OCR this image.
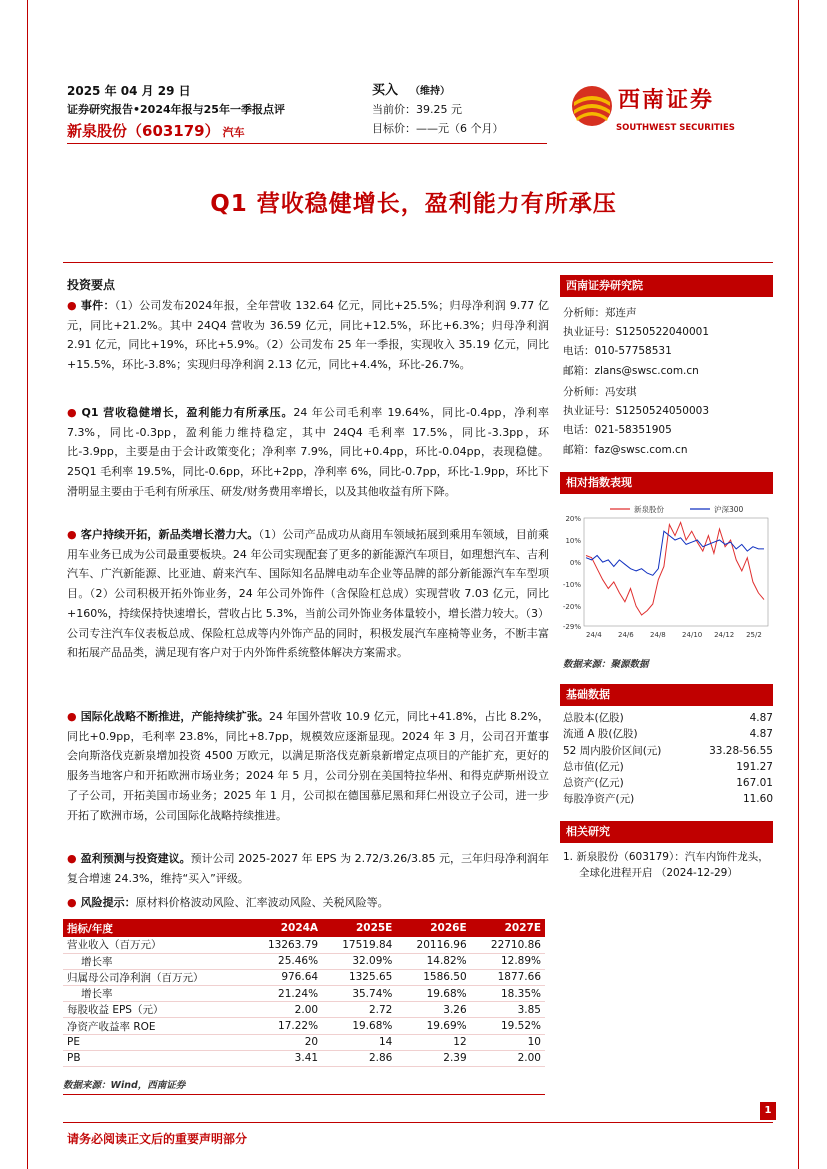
2025 年 04 月 29 日
证券研究报告•2024年报与25年一季报点评
新泉股份（603179） 汽车
买入 （维持）
当前价：39.25 元
目标价：——元（6 个月）
西南证券
SOUTHWEST SECURITIES
Q1 营收稳健增长，盈利能力有所承压
投资要点
● 事件：（1）公司发布2024年报，全年营收 132.64 亿元，同比+25.5%；归母净利润 9.77 亿元，同比+21.2%。其中 24Q4 营收为 36.59 亿元，同比+12.5%，环比+6.3%；归母净利润 2.91 亿元，同比+19%，环比+5.9%。（2）公司发布 25 年一季报，实现收入 35.19 亿元，同比+15.5%，环比-3.8%；实现归母净利润 2.13 亿元，同比+4.4%，环比-26.7%。
● Q1 营收稳健增长，盈利能力有所承压。24 年公司毛利率 19.64%，同比-0.4pp，净利率 7.3%，同比-0.3pp，盈利能力维持稳定，其中 24Q4 毛利率 17.5%，同比-3.3pp，环比-3.9pp，主要是由于会计政策变化；净利率 7.9%，同比+0.4pp，环比-0.04pp，表现稳健。25Q1 毛利率 19.5%，同比-0.6pp，环比+2pp，净利率 6%，同比-0.7pp，环比-1.9pp，环比下滑明显主要由于毛利有所承压、研发/财务费用率增长，以及其他收益有所下降。
● 客户持续开拓，新品类增长潜力大。（1）公司产品成功从商用车领域拓展到乘用车领域，目前乘用车业务已成为公司最重要板块。24 年公司实现配套了更多的新能源汽车项目，如理想汽车、吉利汽车、广汽新能源、比亚迪、蔚来汽车、国际知名品牌电动车企业等品牌的部分新能源汽车车型项目。（2）公司积极开拓外饰业务，24 年公司外饰件（含保险杠总成）实现营收 7.03 亿元，同比+160%，持续保持快速增长，营收占比 5.3%，当前公司外饰业务体量较小，增长潜力较大。（3）公司专注汽车仪表板总成、保险杠总成等内外饰产品的同时，积极发展汽车座椅等业务，不断丰富和拓展产品品类，满足现有客户对于内外饰件系统整体解决方案需求。
● 国际化战略不断推进，产能持续扩张。24 年国外营收 10.9 亿元，同比+41.8%，占比 8.2%，同比+0.9pp，毛利率 23.8%，同比+8.7pp，规模效应逐渐显现。2024 年 3 月，公司召开董事会向斯洛伐克新泉增加投资 4500 万欧元，以满足斯洛伐克新泉新增定点项目的产能扩充，更好的服务当地客户和开拓欧洲市场业务；2024 年 5 月，公司分别在美国特拉华州、和得克萨斯州设立了子公司，开拓美国市场业务；2025 年 1 月，公司拟在德国慕尼黑和拜仁州设立子公司，进一步开拓了欧洲市场，公司国际化战略持续推进。
● 盈利预测与投资建议。预计公司 2025-2027 年 EPS 为 2.72/3.26/3.85 元，三年归母净利润年复合增速 24.3%，维持“买入”评级。
● 风险提示：原材料价格波动风险、汇率波动风险、关税风险等。
西南证券研究院
分析师：郑连声
执业证号：S1250522040001
电话：010-57758531
邮箱：zlans@swsc.com.cn
分析师：冯安琪
执业证号：S1250524050003
电话：021-58351905
邮箱：faz@swsc.com.cn
相对指数表现
20%
10%
0%
-10%
-20%
-29%
24/4 24/6 24/8 24/10 24/12 25/2
新泉股份	沪深300
数据来源：聚源数据
基础数据
总股本(亿股)	4.87
流通 A 股(亿股)	4.87
52 周内股价区间(元)	33.28-56.55
总市值(亿元)	191.27
总资产(亿元)	167.01
每股净资产(元)	11.60
相关研究
1. 新泉股份（603179）：汽车内饰件龙头，
全球化进程开启 （2024-12-29）
指标/年度	2024A	2025E	2026E	2027E
营业收入（百万元）	13263.79	17519.84	20116.96	22710.86
增长率	25.46%	32.09%	14.82%	12.89%
归属母公司净利润（百万元）	976.64	1325.65	1586.50	1877.66
增长率	21.24%	35.74%	19.68%	18.35%
每股收益 EPS（元）	2.00	2.72	3.26	3.85
净资产收益率 ROE	17.22%	19.68%	19.69%	19.52%
PE	20	14	12	10
PB	3.41	2.86	2.39	2.00
数据来源：Wind，西南证券
请务必阅读正文后的重要声明部分
1
